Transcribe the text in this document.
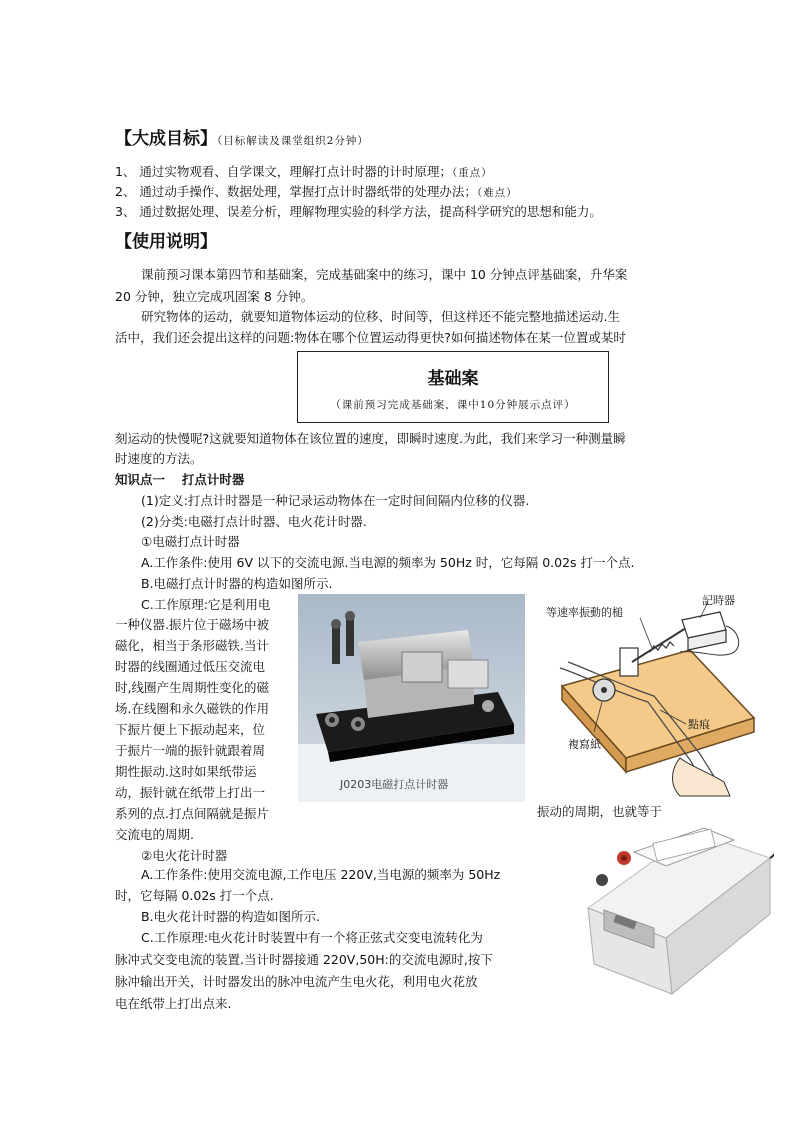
【大成目标】（目标解读及课堂组织2分钟）
1、 通过实物观看、自学课文，理解打点计时器的计时原理；（重点）
2、 通过动手操作、数据处理，掌握打点计时器纸带的处理办法；（难点）
3、 通过数据处理、误差分析，理解物理实验的科学方法，提高科学研究的思想和能力。
【使用说明】
课前预习课本第四节和基础案，完成基础案中的练习，课中 10 分钟点评基础案，升华案
20 分钟，独立完成巩固案 8 分钟。
研究物体的运动，就要知道物体运动的位移、时间等，但这样还不能完整地描述运动.生
活中，我们还会提出这样的问题:物体在哪个位置运动得更快?如何描述物体在某一位置或某时
基础案
（课前预习完成基础案，课中10分钟展示点评）
刻运动的快慢呢?这就要知道物体在该位置的速度，即瞬时速度.为此，我们来学习一种测量瞬
时速度的方法。
知识点一　 打点计时器
(1)定义:打点计时器是一种记录运动物体在一定时间间隔内位移的仪器.
(2)分类:电磁打点计时器、电火花计时器.
①电磁打点计时器
A.工作条件:使用 6V 以下的交流电源.当电源的频率为 50Hz 时，它每隔 0.02s 打一个点.
B.电磁打点计时器的构造如图所示.
C.工作原理:它是利用电
一种仪器.振片位于磁场中被
磁化，相当于条形磁铁.当计
时器的线圈通过低压交流电
时,线圈产生周期性变化的磁
场.在线圈和永久磁铁的作用
下振片便上下振动起来，位
于振片一端的振针就跟着周
期性振动.这时如果纸带运
动，振针就在纸带上打出一
系列的点.打点间隔就是振片	振动的周期，也就等于
交流电的周期.
J0203电磁打点计时器
等速率振動的槌
記時器
點痕
複寫紙
②电火花计时器
A.工作条件:使用交流电源,工作电压 220V,当电源的频率为 50Hz
时，它每隔 0.02s 打一个点.
B.电火花计时器的构造如图所示.
C.工作原理:电火花计时装置中有一个将正弦式交变电流转化为
脉冲式交变电流的装置.当计时器接通 220V,50H:的交流电源时,按下
脉冲输出开关，计时器发出的脉冲电流产生电火花，利用电火花放
电在纸带上打出点来.
